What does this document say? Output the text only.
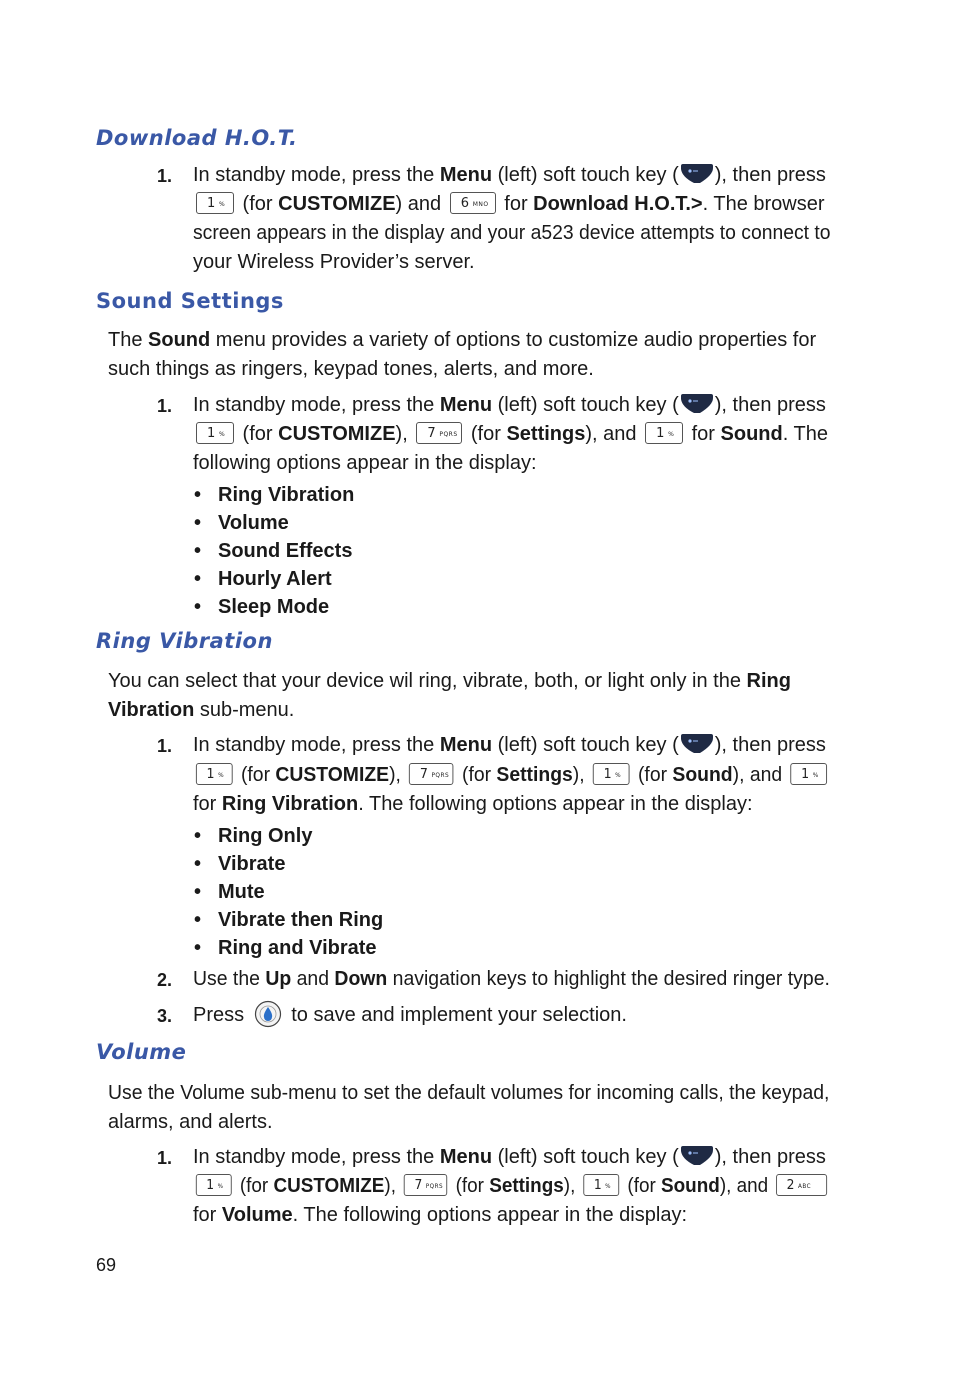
Download H.O.T.
1. In standby mode, press the Menu (left) soft touch key ( ), then press
1 % (for CUSTOMIZE) and 6 MNO for Download H.O.T.>. The browser
screen appears in the display and your a523 device attempts to connect to
your Wireless Provider’s server.
Sound Settings
The Sound menu provides a variety of options to customize audio properties for
such things as ringers, keypad tones, alerts, and more.
1. In standby mode, press the Menu (left) soft touch key ( ), then press
1 % (for CUSTOMIZE), 7 PQRS (for Settings), and 1 % for Sound. The
following options appear in the display:
• Ring Vibration
• Volume
• Sound Effects
• Hourly Alert
• Sleep Mode
Ring Vibration
You can select that your device wil ring, vibrate, both, or light only in the Ring
Vibration sub-menu.
1. In standby mode, press the Menu (left) soft touch key ( ), then press
1 % (for CUSTOMIZE), 7 PQRS (for Settings), 1 % (for Sound), and 1 %
for Ring Vibration. The following options appear in the display:
• Ring Only
• Vibrate
• Mute
• Vibrate then Ring
• Ring and Vibrate
2. Use the Up and Down navigation keys to highlight the desired ringer type.
3. Press  to save and implement your selection.
Volume
Use the Volume sub-menu to set the default volumes for incoming calls, the keypad,
alarms, and alerts.
1. In standby mode, press the Menu (left) soft touch key ( ), then press
1 % (for CUSTOMIZE), 7 PQRS (for Settings), 1 % (for Sound), and 2 ABC
for Volume. The following options appear in the display:
69
